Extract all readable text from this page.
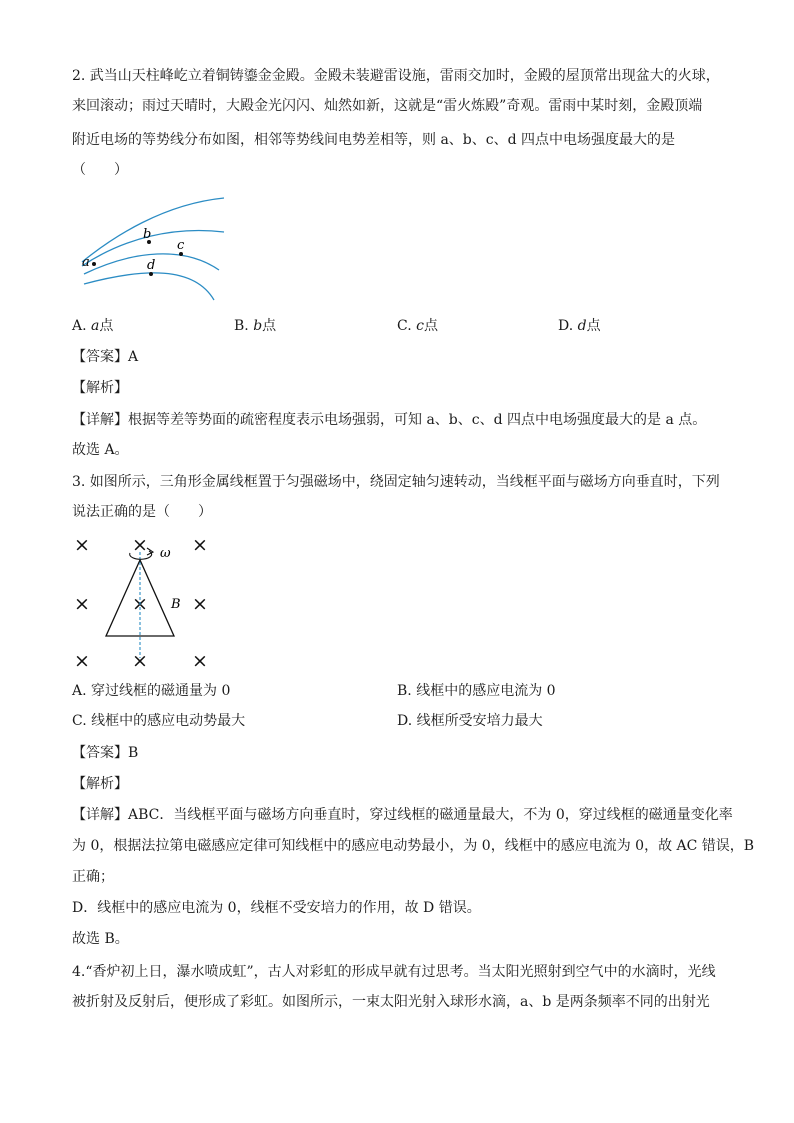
2. 武当山天柱峰屹立着铜铸鎏金金殿。金殿未装避雷设施，雷雨交加时，金殿的屋顶常出现盆大的火球，
来回滚动；雨过天晴时，大殿金光闪闪、灿然如新，这就是“雷火炼殿”奇观。雷雨中某时刻，金殿顶端
附近电场的等势线分布如图，相邻等势线间电势差相等，则 a、b、c、d 四点中电场强度最大的是
（　　）
a
b
c
d
A. a点	B. b点	C. c点	D. d点
【答案】A
【解析】
【详解】根据等差等势面的疏密程度表示电场强弱，可知 a、b、c、d 四点中电场强度最大的是 a 点。
故选 A。
3. 如图所示，三角形金属线框置于匀强磁场中，绕固定轴匀速转动，当线框平面与磁场方向垂直时，下列
说法正确的是（　　）
× × ×
× × ×
× × ×
ω
B
A. 穿过线框的磁通量为 0	B. 线框中的感应电流为 0
C. 线框中的感应电动势最大	D. 线框所受安培力最大
【答案】B
【解析】
【详解】ABC．当线框平面与磁场方向垂直时，穿过线框的磁通量最大，不为 0，穿过线框的磁通量变化率
为 0，根据法拉第电磁感应定律可知线框中的感应电动势最小，为 0，线框中的感应电流为 0，故 AC 错误，B
正确；
D．线框中的感应电流为 0，线框不受安培力的作用，故 D 错误。
故选 B。
4.“香炉初上日，瀑水喷成虹”，古人对彩虹的形成早就有过思考。当太阳光照射到空气中的水滴时，光线
被折射及反射后，便形成了彩虹。如图所示，一束太阳光射入球形水滴，a、b 是两条频率不同的出射光
